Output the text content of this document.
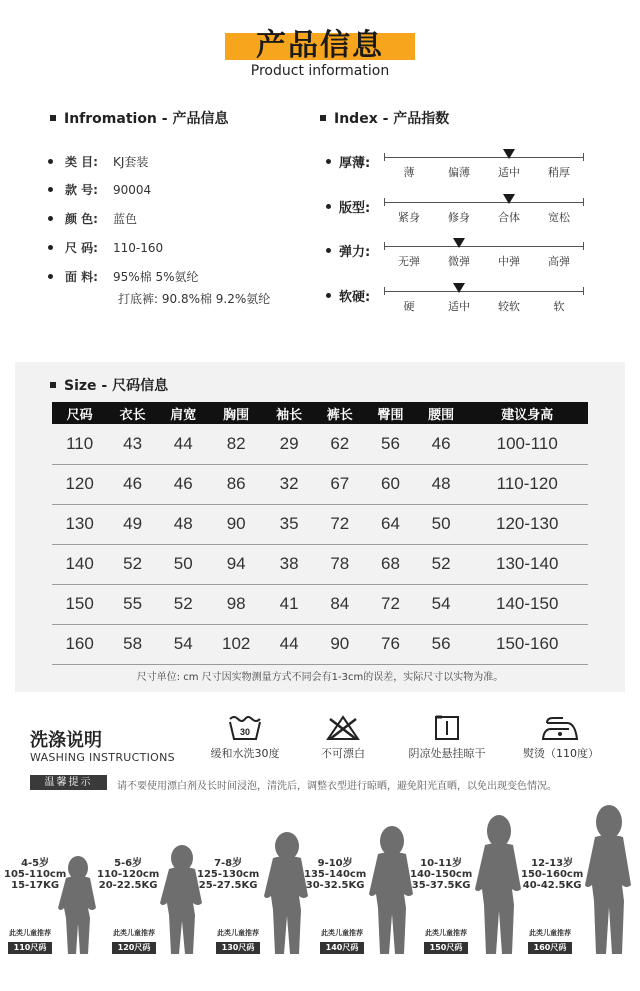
产品信息
Product information
Infromation - 产品信息
类 目: KJ套装
款 号: 90004
颜 色: 蓝色
尺 码: 110-160
面 料: 95%棉 5%氨纶
打底裤: 90.8%棉 9.2%氨纶
Index - 产品指数
厚薄:
薄	偏薄	适中	稍厚
版型:
紧身	修身	合体	宽松
弹力:
无弹	微弹	中弹	高弹
软硬:
硬	适中	较软	软
Size - 尺码信息
尺码	衣长	肩宽	胸围	袖长	裤长	臀围	腰围	建议身高
110	43	44	82	29	62	56	46	100-110
120	46	46	86	32	67	60	48	110-120
130	49	48	90	35	72	64	50	120-130
140	52	50	94	38	78	68	52	130-140
150	55	52	98	41	84	72	54	140-150
160	58	54	102	44	90	76	56	150-160
尺寸单位: cm 尺寸因实物测量方式不同会有1-3cm的误差，实际尺寸以实物为准。
洗涤说明
WASHING INSTRUCTIONS
30
缓和水洗30度	不可漂白	阴凉处悬挂晾干	熨烫（110度）
温馨提示	请不要使用漂白剂及长时间浸泡，清洗后，调整衣型进行晾晒，避免阳光直晒，以免出现变色情况。
4-5岁
105-110cm
15-17KG
此类儿童推荐
110尺码
5-6岁
110-120cm
20-22.5KG
此类儿童推荐
120尺码
7-8岁
125-130cm
25-27.5KG
此类儿童推荐
130尺码
9-10岁
135-140cm
30-32.5KG
此类儿童推荐
140尺码
10-11岁
140-150cm
35-37.5KG
此类儿童推荐
150尺码
12-13岁
150-160cm
40-42.5KG
此类儿童推荐
160尺码
